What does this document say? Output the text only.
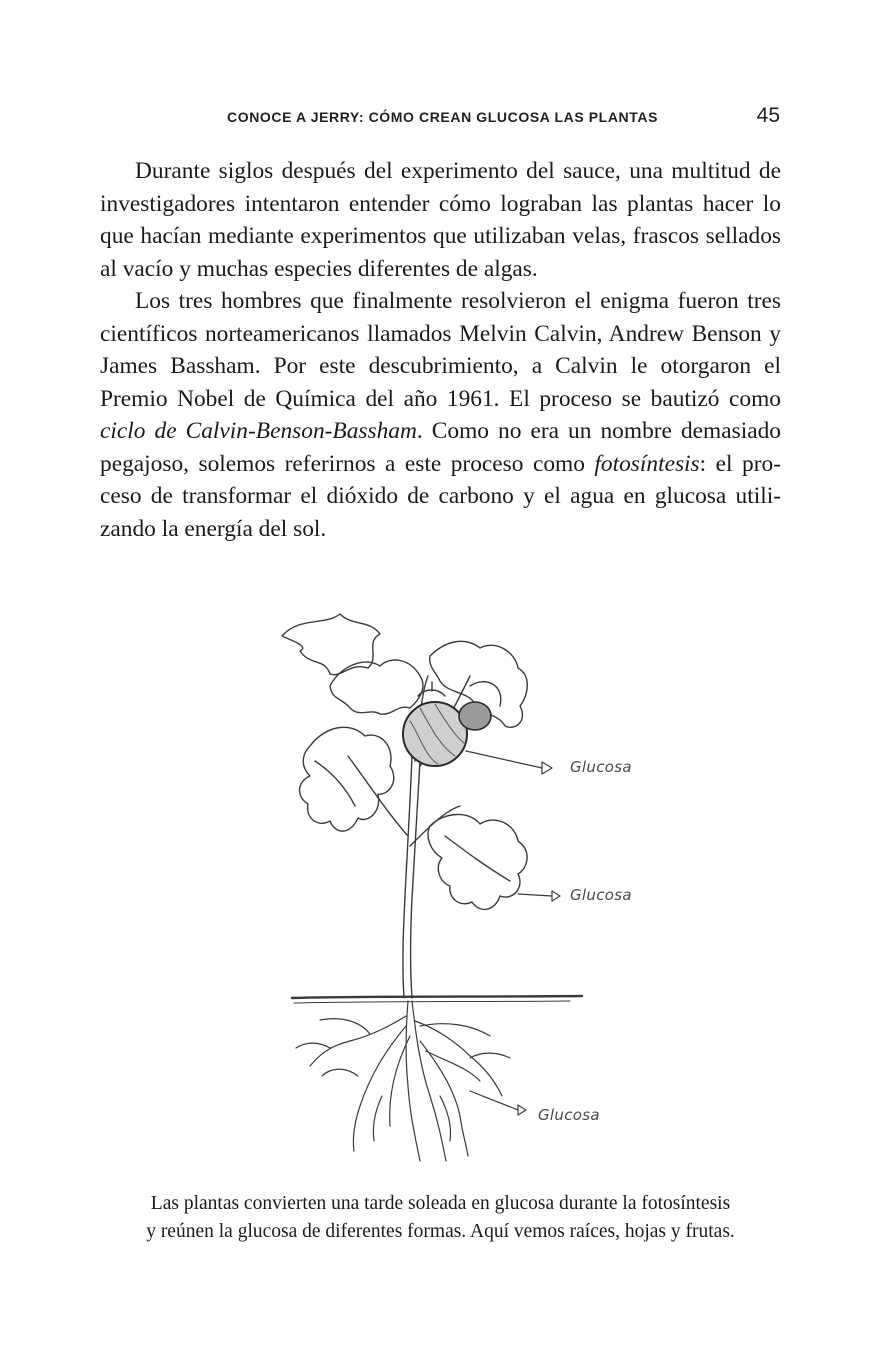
CONOCE A JERRY: CÓMO CREAN GLUCOSA LAS PLANTAS	45

Durante siglos después del experimento del sauce, una multitud de investigadores intentaron entender cómo lograban las plantas hacer lo que hacían mediante experimentos que utilizaban velas, frascos sellados al vacío y muchas especies diferentes de algas.

Los tres hombres que finalmente resolvieron el enigma fueron tres científicos norteamericanos llamados Melvin Calvin, Andrew Benson y James Bassham. Por este descubrimiento, a Calvin le otorgaron el Premio Nobel de Química del año 1961. El proceso se bautizó como ciclo de Calvin-Benson-Bassham. Como no era un nombre demasiado pegajoso, solemos referirnos a este proceso como fotosíntesis: el proceso de transformar el dióxido de carbono y el agua en glucosa utilizando la energía del sol.

Glucosa
Glucosa
Glucosa
Las plantas convierten una tarde soleada en glucosa durante la fotosíntesis
y reúnen la glucosa de diferentes formas. Aquí vemos raíces, hojas y frutas.
